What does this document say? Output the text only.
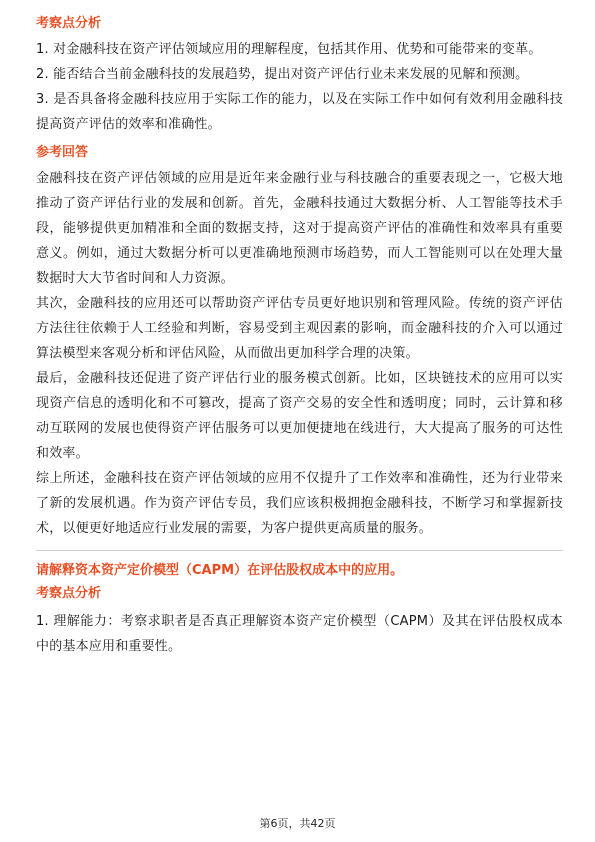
考察点分析

1. 对金融科技在资产评估领域应用的理解程度，包括其作用、优势和可能带来的变革。

2. 能否结合当前金融科技的发展趋势，提出对资产评估行业未来发展的见解和预测。

3. 是否具备将金融科技应用于实际工作的能力，以及在实际工作中如何有效利用金融科技提高资产评估的效率和准确性。

参考回答

金融科技在资产评估领域的应用是近年来金融行业与科技融合的重要表现之一，它极大地推动了资产评估行业的发展和创新。首先，金融科技通过大数据分析、人工智能等技术手段，能够提供更加精准和全面的数据支持，这对于提高资产评估的准确性和效率具有重要意义。例如，通过大数据分析可以更准确地预测市场趋势，而人工智能则可以在处理大量数据时大大节省时间和人力资源。

其次，金融科技的应用还可以帮助资产评估专员更好地识别和管理风险。传统的资产评估方法往往依赖于人工经验和判断，容易受到主观因素的影响，而金融科技的介入可以通过算法模型来客观分析和评估风险，从而做出更加科学合理的决策。

最后，金融科技还促进了资产评估行业的服务模式创新。比如，区块链技术的应用可以实现资产信息的透明化和不可篡改，提高了资产交易的安全性和透明度；同时，云计算和移动互联网的发展也使得资产评估服务可以更加便捷地在线进行，大大提高了服务的可达性和效率。

综上所述，金融科技在资产评估领域的应用不仅提升了工作效率和准确性，还为行业带来了新的发展机遇。作为资产评估专员，我们应该积极拥抱金融科技，不断学习和掌握新技术，以便更好地适应行业发展的需要，为客户提供更高质量的服务。

请解释资本资产定价模型（CAPM）在评估股权成本中的应用。

考察点分析

1. 理解能力：考察求职者是否真正理解资本资产定价模型（CAPM）及其在评估股权成本中的基本应用和重要性。

第6页，共42页
